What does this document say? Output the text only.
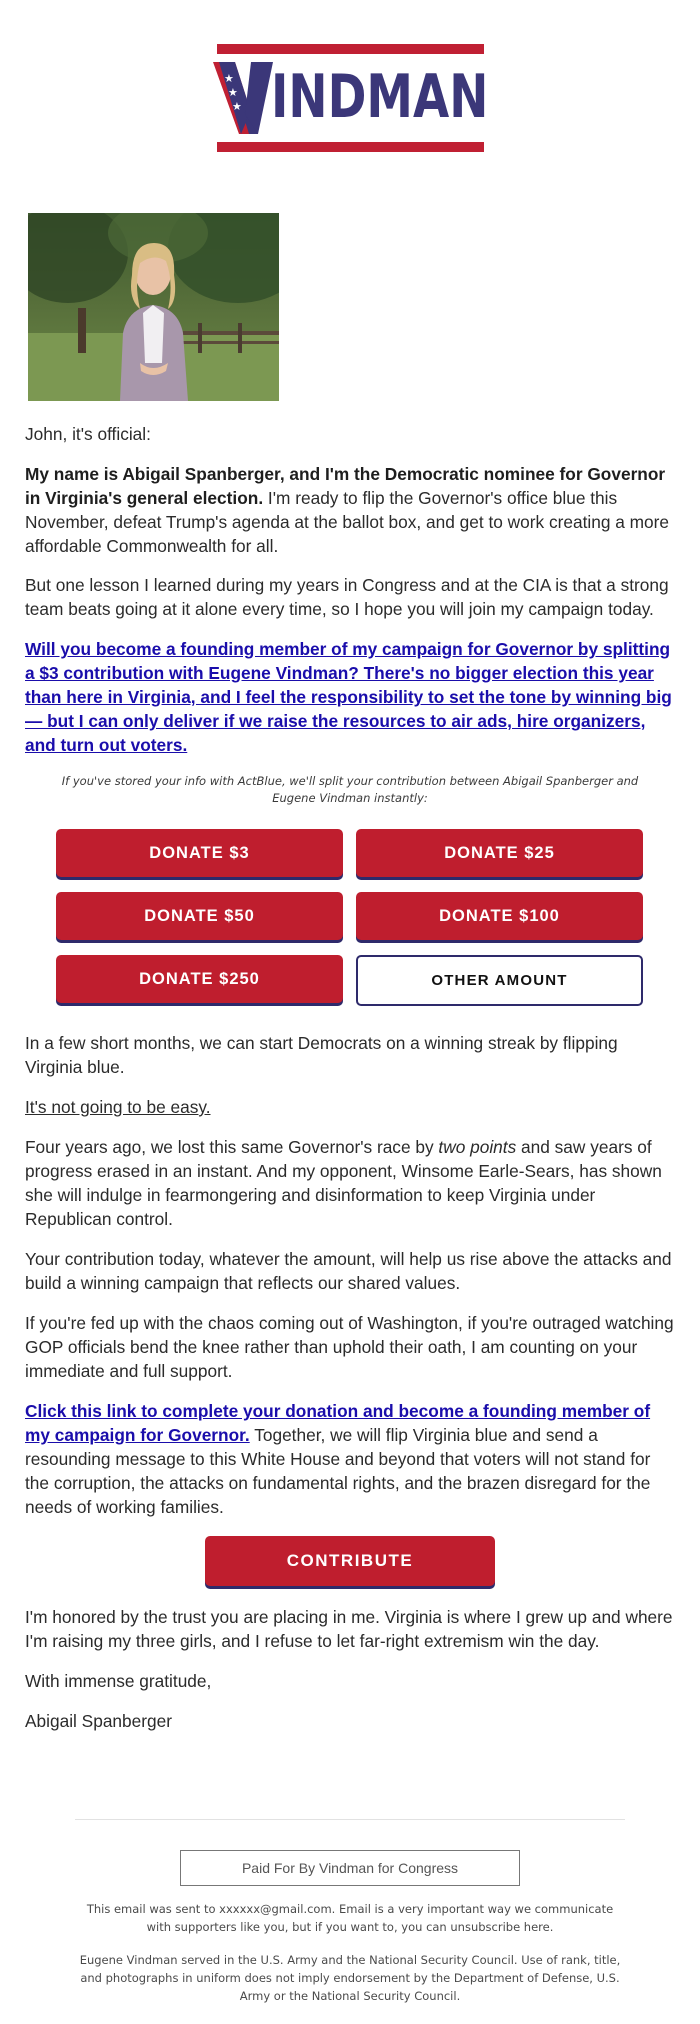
★
★
★ INDMAN
John, it's official:
My name is Abigail Spanberger, and I'm the Democratic nominee for Governor in Virginia's general election. I'm ready to flip the Governor's office blue this November, defeat Trump's agenda at the ballot box, and get to work creating a more affordable Commonwealth for all.
But one lesson I learned during my years in Congress and at the CIA is that a strong team beats going at it alone every time, so I hope you will join my campaign today.
Will you become a founding member of my campaign for Governor by splitting a $3 contribution with Eugene Vindman? There's no bigger election this year than here in Virginia, and I feel the responsibility to set the tone by winning big — but I can only deliver if we raise the resources to air ads, hire organizers, and turn out voters.
If you've stored your info with ActBlue, we'll split your contribution between Abigail Spanberger and Eugene Vindman instantly:
DONATE $3	DONATE $25
DONATE $50	DONATE $100
DONATE $250	OTHER AMOUNT
In a few short months, we can start Democrats on a winning streak by flipping Virginia blue.
It's not going to be easy.
Four years ago, we lost this same Governor's race by two points and saw years of progress erased in an instant. And my opponent, Winsome Earle-Sears, has shown she will indulge in fearmongering and disinformation to keep Virginia under Republican control.
Your contribution today, whatever the amount, will help us rise above the attacks and build a winning campaign that reflects our shared values.
If you're fed up with the chaos coming out of Washington, if you're outraged watching GOP officials bend the knee rather than uphold their oath, I am counting on your immediate and full support.
Click this link to complete your donation and become a founding member of my campaign for Governor. Together, we will flip Virginia blue and send a resounding message to this White House and beyond that voters will not stand for the corruption, the attacks on fundamental rights, and the brazen disregard for the needs of working families.
CONTRIBUTE
I'm honored by the trust you are placing in me. Virginia is where I grew up and where I'm raising my three girls, and I refuse to let far-right extremism win the day.
With immense gratitude,
Abigail Spanberger
Paid For By Vindman for Congress
This email was sent to xxxxxx@gmail.com. Email is a very important way we communicate with supporters like you, but if you want to, you can unsubscribe here.
Eugene Vindman served in the U.S. Army and the National Security Council. Use of rank, title, and photographs in uniform does not imply endorsement by the Department of Defense, U.S. Army or the National Security Council.
